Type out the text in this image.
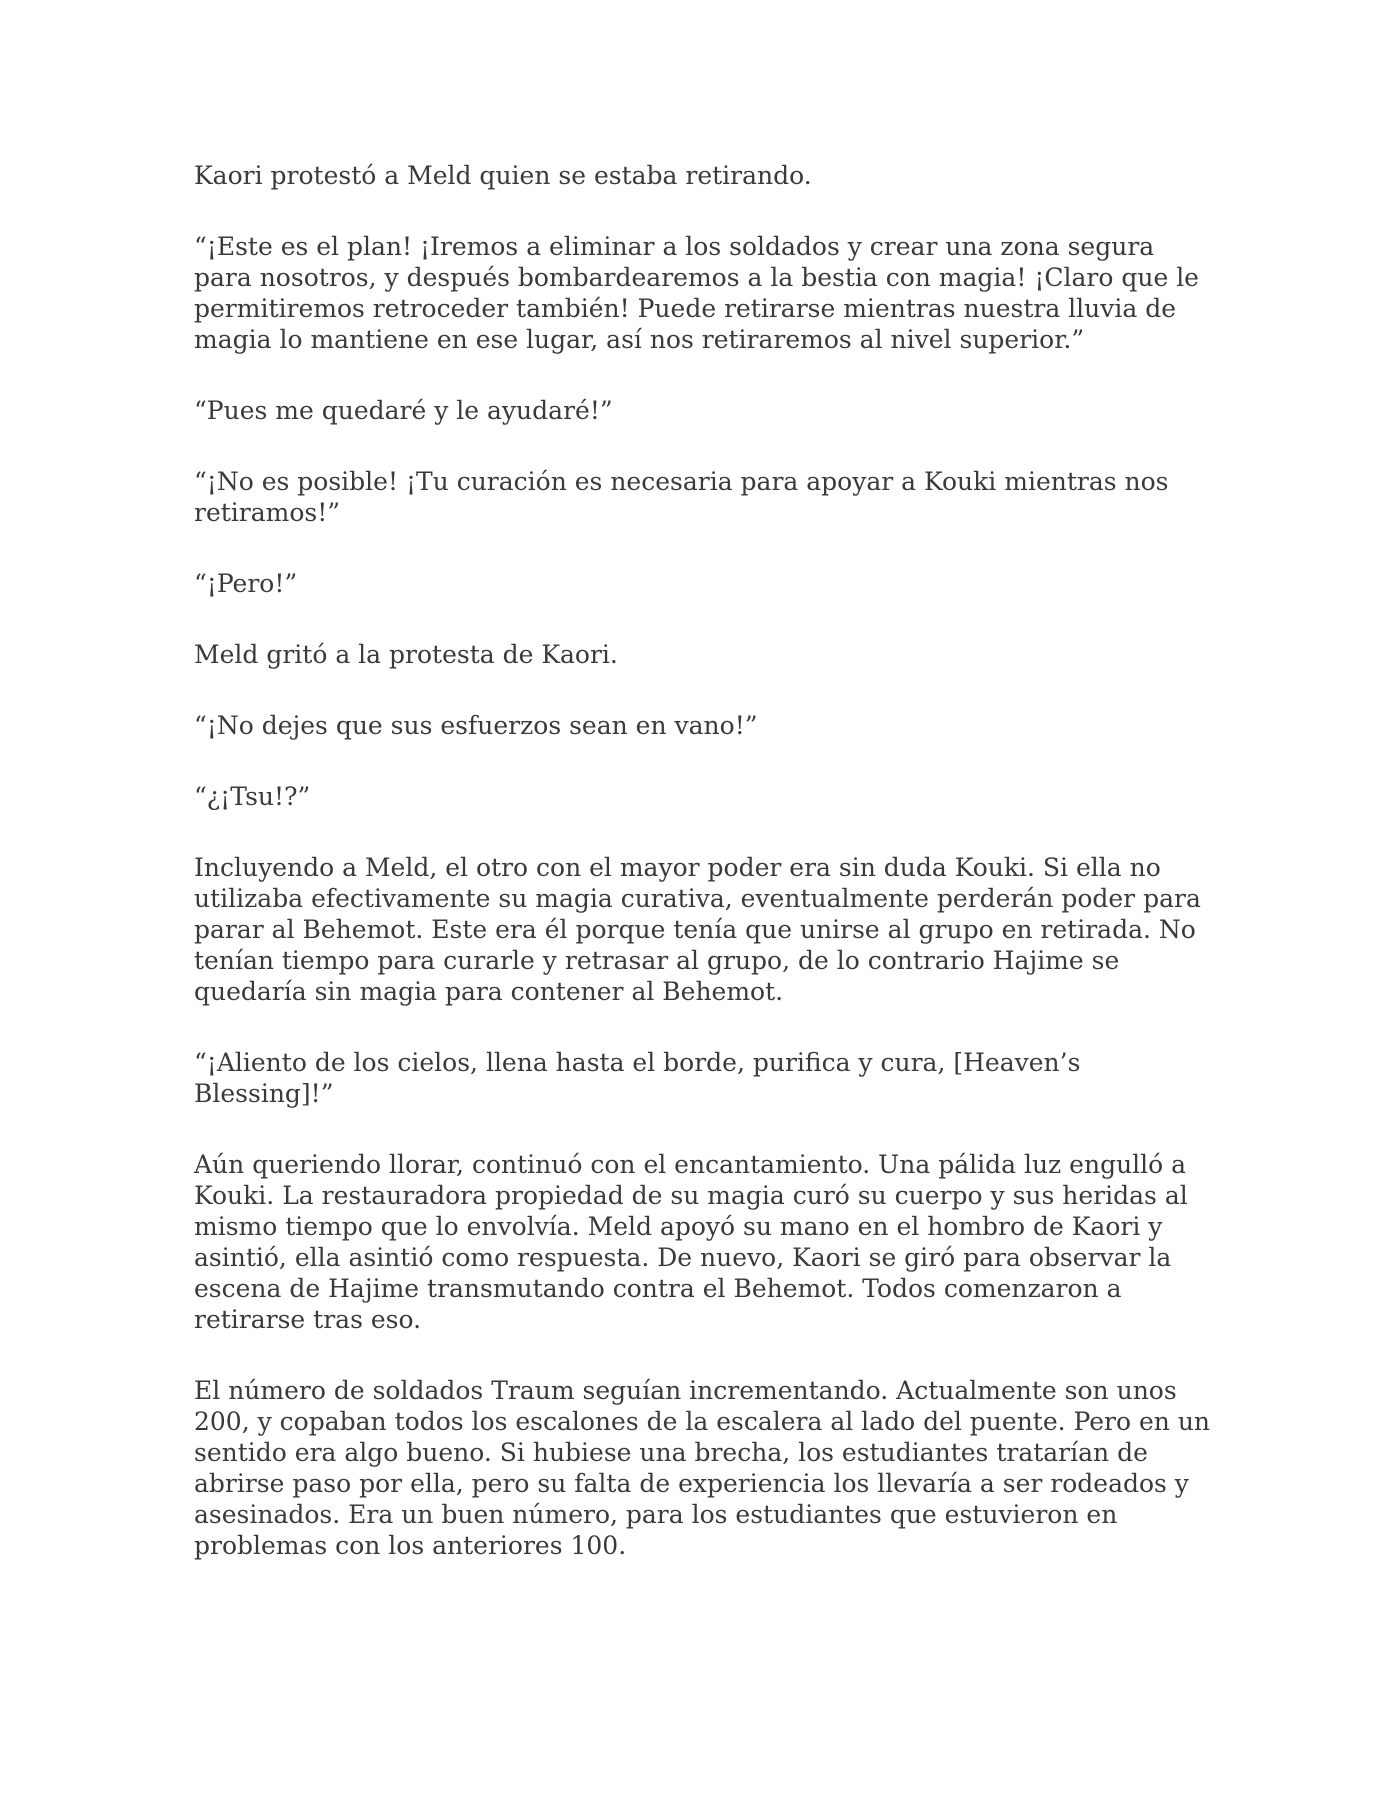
Kaori protestó a Meld quien se estaba retirando.

“¡Este es el plan! ¡Iremos a eliminar a los soldados y crear una zona segura para nosotros, y después bombardearemos a la bestia con magia! ¡Claro que le permitiremos retroceder también! Puede retirarse mientras nuestra lluvia de magia lo mantiene en ese lugar, así nos retiraremos al nivel superior.”

“Pues me quedaré y le ayudaré!”

“¡No es posible! ¡Tu curación es necesaria para apoyar a Kouki mientras nos retiramos!”

“¡Pero!”

Meld gritó a la protesta de Kaori.

“¡No dejes que sus esfuerzos sean en vano!”

“¿¡Tsu!?”

Incluyendo a Meld, el otro con el mayor poder era sin duda Kouki. Si ella no utilizaba efectivamente su magia curativa, eventualmente perderán poder para parar al Behemot. Este era él porque tenía que unirse al grupo en retirada. No tenían tiempo para curarle y retrasar al grupo, de lo contrario Hajime se quedaría sin magia para contener al Behemot.

“¡Aliento de los cielos, llena hasta el borde, purifica y cura, [Heaven’s Blessing]!”

Aún queriendo llorar, continuó con el encantamiento. Una pálida luz engulló a Kouki. La restauradora propiedad de su magia curó su cuerpo y sus heridas al mismo tiempo que lo envolvía. Meld apoyó su mano en el hombro de Kaori y asintió, ella asintió como respuesta. De nuevo, Kaori se giró para observar la escena de Hajime transmutando contra el Behemot. Todos comenzaron a retirarse tras eso.

El número de soldados Traum seguían incrementando. Actualmente son unos 200, y copaban todos los escalones de la escalera al lado del puente. Pero en un sentido era algo bueno. Si hubiese una brecha, los estudiantes tratarían de abrirse paso por ella, pero su falta de experiencia los llevaría a ser rodeados y asesinados. Era un buen número, para los estudiantes que estuvieron en problemas con los anteriores 100.
